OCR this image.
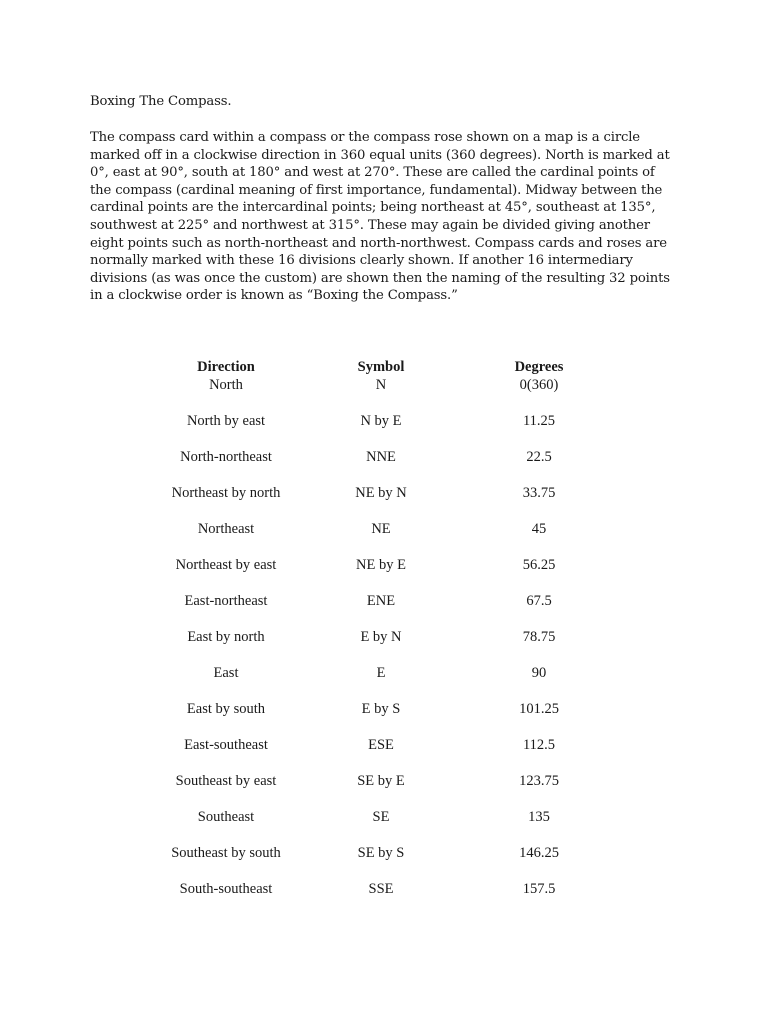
Boxing The Compass.
The compass card within a compass or the compass rose shown on a map is a circle
marked off in a clockwise direction in 360 equal units (360 degrees). North is marked at
0°, east at 90°, south at 180° and west at 270°. These are called the cardinal points of
the compass (cardinal meaning of first importance, fundamental). Midway between the
cardinal points are the intercardinal points; being northeast at 45°, southeast at 135°,
southwest at 225° and northwest at 315°. These may again be divided giving another
eight points such as north-northeast and north-northwest. Compass cards and roses are
normally marked with these 16 divisions clearly shown. If another 16 intermediary
divisions (as was once the custom) are shown then the naming of the resulting 32 points
in a clockwise order is known as “Boxing the Compass.”
Direction	Symbol	Degrees
North	N	0(360)
North by east	N by E	11.25
North-northeast	NNE	22.5
Northeast by north	NE by N	33.75
Northeast	NE	45
Northeast by east	NE by E	56.25
East-northeast	ENE	67.5
East by north	E by N	78.75
East	E	90
East by south	E by S	101.25
East-southeast	ESE	112.5
Southeast by east	SE by E	123.75
Southeast	SE	135
Southeast by south	SE by S	146.25
South-southeast	SSE	157.5
